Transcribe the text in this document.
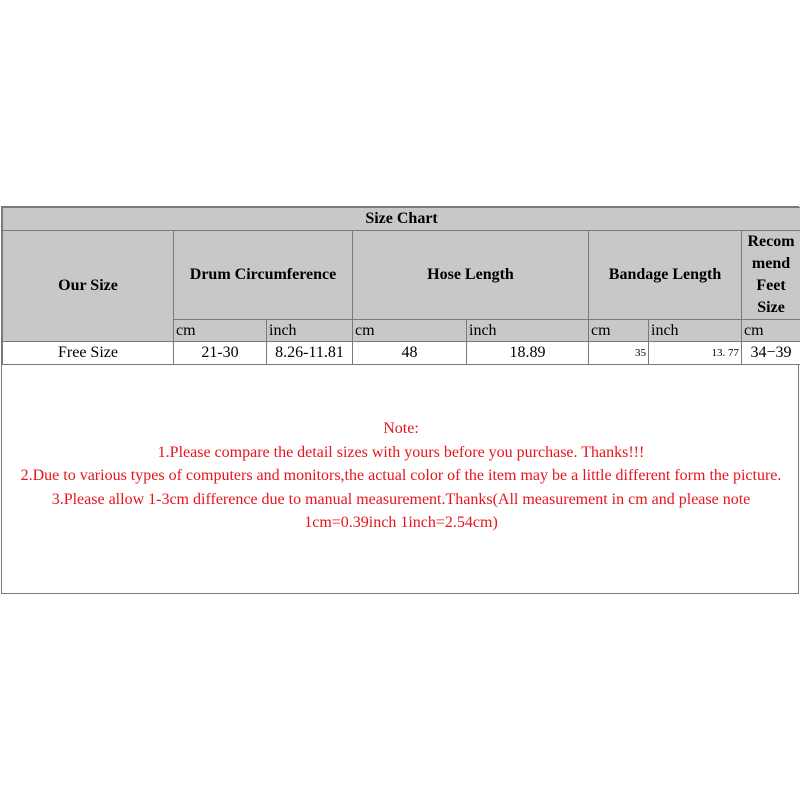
Size Chart							
Our Size	Drum Circumference		Hose Length		Bandage Length		Recom mend Feet Size
	cm	inch	cm	inch	cm	inch	cm
Free Size	21-30	8.26-11.81	48	18.89	35	13. 77	34−39
Note:
1.Please compare the detail sizes with yours before you purchase. Thanks!!!
2.Due to various types of computers and monitors,the actual color of the item may be a little different form the picture.
3.Please allow 1-3cm difference due to manual measurement.Thanks(All measurement in cm and please note 1cm=0.39inch 1inch=2.54cm)
